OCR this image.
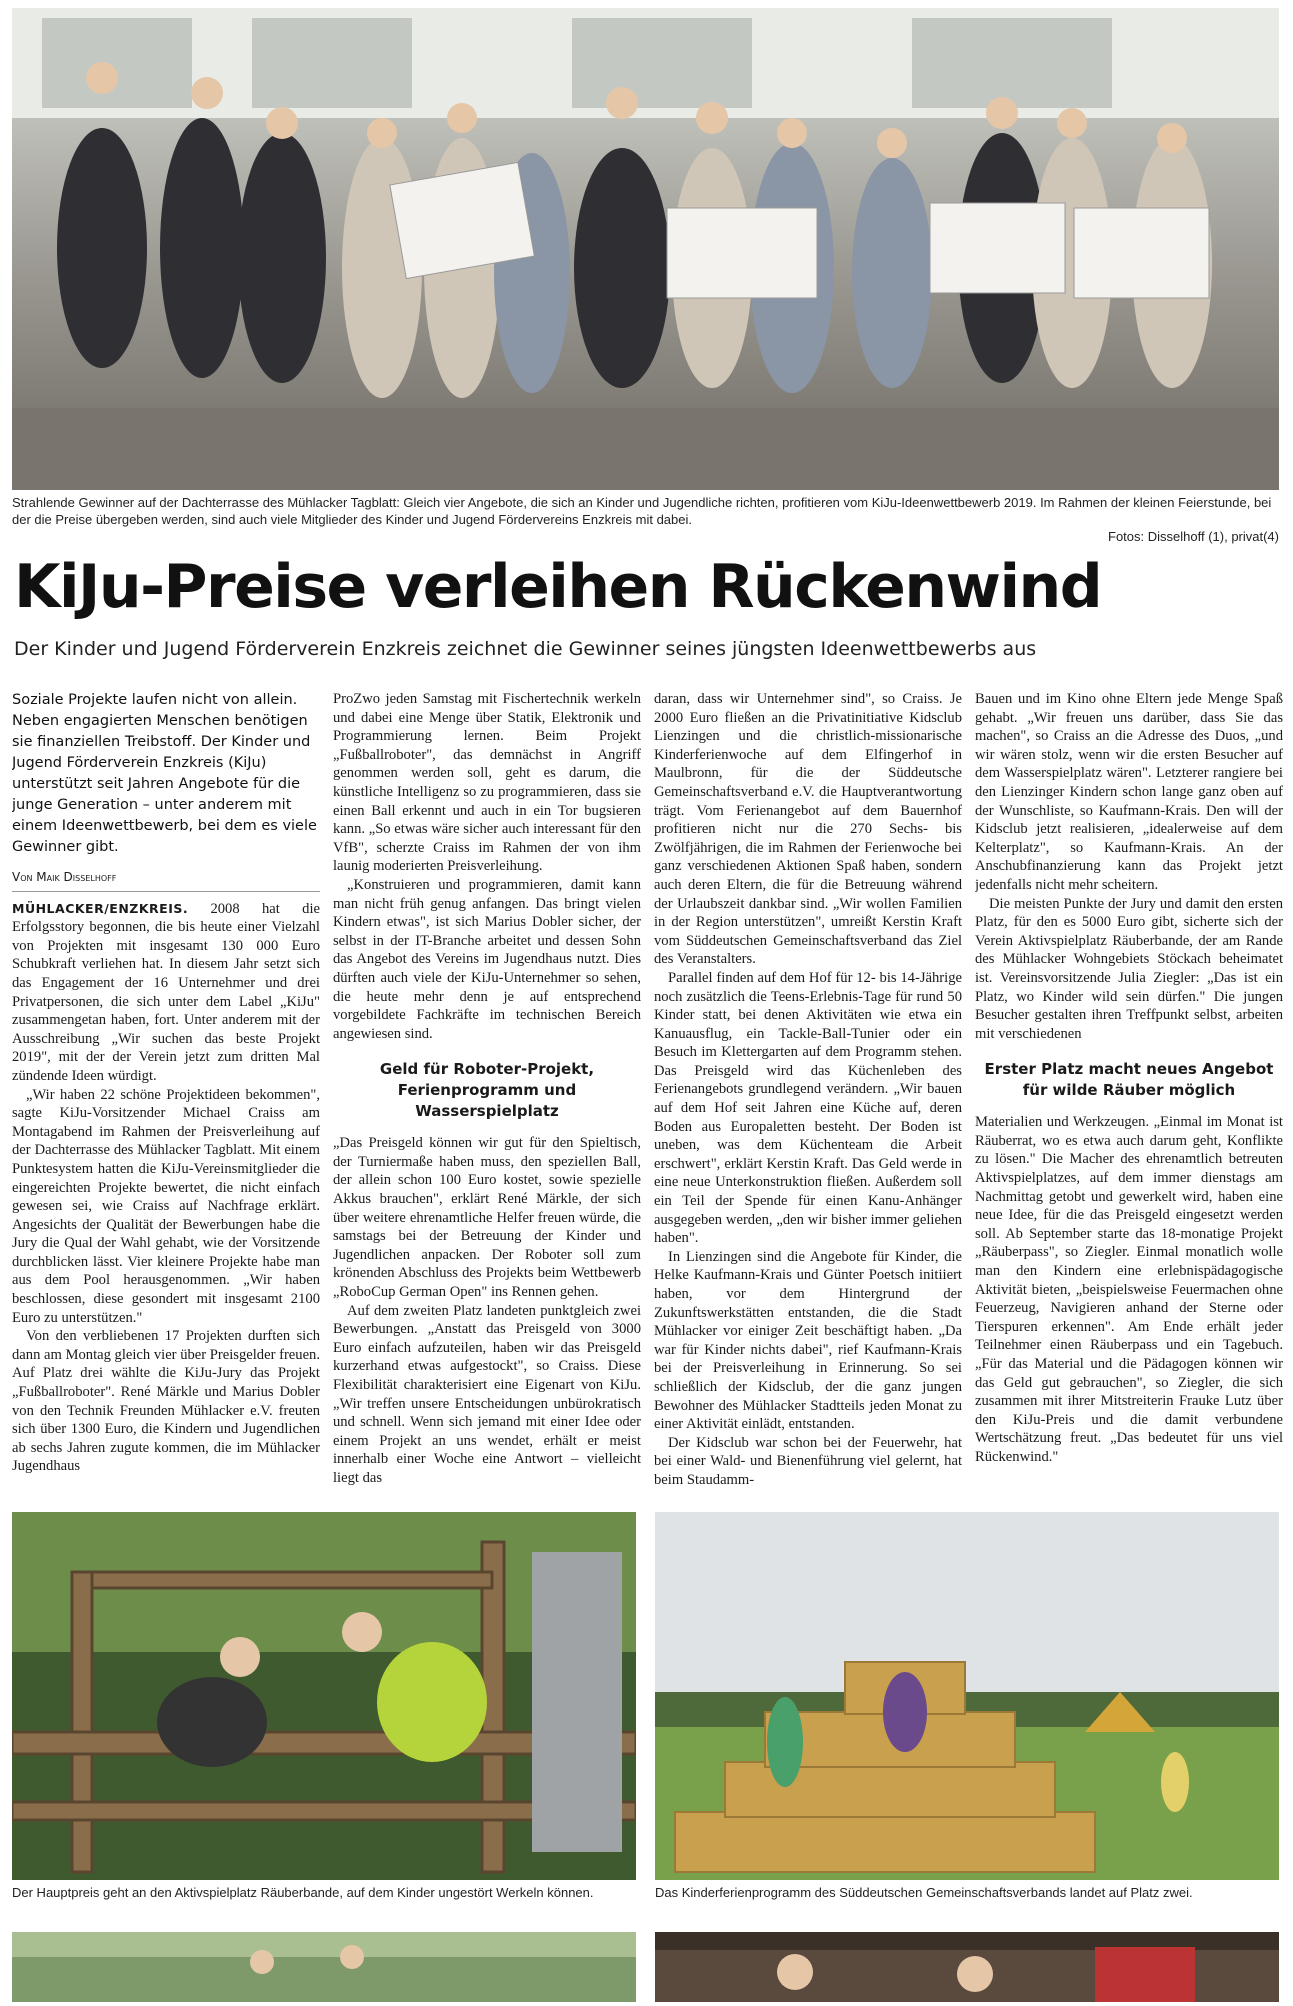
Strahlende Gewinner auf der Dachterrasse des Mühlacker Tagblatt: Gleich vier Angebote, die sich an Kinder und Jugendliche richten, profitieren vom KiJu-Ideenwettbewerb 2019. Im Rahmen der kleinen Feierstunde, bei der die Preise übergeben werden, sind auch viele Mitglieder des Kinder und Jugend Fördervereins Enzkreis mit dabei.
Fotos: Disselhoff (1), privat(4)
KiJu-Preise verleihen Rückenwind
Der Kinder und Jugend Förderverein Enzkreis zeichnet die Gewinner seines jüngsten Ideenwettbewerbs aus
Soziale Projekte laufen nicht von allein. Neben engagierten Menschen benötigen sie finanziellen Treibstoff. Der Kinder und Jugend Förderverein Enzkreis (KiJu) unterstützt seit Jahren Angebote für die junge Generation – unter anderem mit einem Ideenwettbewerb, bei dem es viele Gewinner gibt.
Von Maik Disselhoff

MÜHLACKER/ENZKREIS. 2008 hat die Erfolgsstory begonnen, die bis heute einer Vielzahl von Projekten mit insgesamt 130 000 Euro Schubkraft verliehen hat. In diesem Jahr setzt sich das Engagement der 16 Unternehmer und drei Privatpersonen, die sich unter dem Label „KiJu" zusammengetan haben, fort. Unter anderem mit der Ausschreibung „Wir suchen das beste Projekt 2019", mit der der Verein jetzt zum dritten Mal zündende Ideen würdigt.

„Wir haben 22 schöne Projektideen bekommen", sagte KiJu-Vorsitzender Michael Craiss am Montagabend im Rahmen der Preisverleihung auf der Dachterrasse des Mühlacker Tagblatt. Mit einem Punktesystem hatten die KiJu-Vereinsmitglieder die eingereichten Projekte bewertet, die nicht einfach gewesen sei, wie Craiss auf Nachfrage erklärt. Angesichts der Qualität der Bewerbungen habe die Jury die Qual der Wahl gehabt, wie der Vorsitzende durchblicken lässt. Vier kleinere Projekte habe man aus dem Pool herausgenommen. „Wir haben beschlossen, diese gesondert mit insgesamt 2100 Euro zu unterstützen."

Von den verbliebenen 17 Projekten durften sich dann am Montag gleich vier über Preisgelder freuen. Auf Platz drei wählte die KiJu-Jury das Projekt „Fußballroboter". René Märkle und Marius Dobler von den Technik Freunden Mühlacker e.V. freuten sich über 1300 Euro, die Kindern und Jugendlichen ab sechs Jahren zugute kommen, die im Mühlacker Jugendhaus

ProZwo jeden Samstag mit Fischertechnik werkeln und dabei eine Menge über Statik, Elektronik und Programmierung lernen. Beim Projekt „Fußballroboter", das demnächst in Angriff genommen werden soll, geht es darum, die künstliche Intelligenz so zu programmieren, dass sie einen Ball erkennt und auch in ein Tor bugsieren kann. „So etwas wäre sicher auch interessant für den VfB", scherzte Craiss im Rahmen der von ihm launig moderierten Preisverleihung.

„Konstruieren und programmieren, damit kann man nicht früh genug anfangen. Das bringt vielen Kindern etwas", ist sich Marius Dobler sicher, der selbst in der IT-Branche arbeitet und dessen Sohn das Angebot des Vereins im Jugendhaus nutzt. Dies dürften auch viele der KiJu-Unternehmer so sehen, die heute mehr denn je auf entsprechend vorgebildete Fachkräfte im technischen Bereich angewiesen sind.

Geld für Roboter-Projekt, Ferienprogramm und Wasserspielplatz

„Das Preisgeld können wir gut für den Spieltisch, der Turniermaße haben muss, den speziellen Ball, der allein schon 100 Euro kostet, sowie spezielle Akkus brauchen", erklärt René Märkle, der sich über weitere ehrenamtliche Helfer freuen würde, die samstags bei der Betreuung der Kinder und Jugendlichen anpacken. Der Roboter soll zum krönenden Abschluss des Projekts beim Wettbewerb „RoboCup German Open" ins Rennen gehen.

Auf dem zweiten Platz landeten punktgleich zwei Bewerbungen. „Anstatt das Preisgeld von 3000 Euro einfach aufzuteilen, haben wir das Preisgeld kurzerhand etwas aufgestockt", so Craiss. Diese Flexibilität charakterisiert eine Eigenart von KiJu. „Wir treffen unsere Entscheidungen unbürokratisch und schnell. Wenn sich jemand mit einer Idee oder einem Projekt an uns wendet, erhält er meist innerhalb einer Woche eine Antwort – vielleicht liegt das

daran, dass wir Unternehmer sind", so Craiss. Je 2000 Euro fließen an die Privatinitiative Kidsclub Lienzingen und die christlich-missionarische Kinderferienwoche auf dem Elfingerhof in Maulbronn, für die der Süddeutsche Gemeinschaftsverband e.V. die Hauptverantwortung trägt. Vom Ferienangebot auf dem Bauernhof profitieren nicht nur die 270 Sechs- bis Zwölfjährigen, die im Rahmen der Ferienwoche bei ganz verschiedenen Aktionen Spaß haben, sondern auch deren Eltern, die für die Betreuung während der Urlaubszeit dankbar sind. „Wir wollen Familien in der Region unterstützen", umreißt Kerstin Kraft vom Süddeutschen Gemeinschaftsverband das Ziel des Veranstalters.

Parallel finden auf dem Hof für 12- bis 14-Jährige noch zusätzlich die Teens-Erlebnis-Tage für rund 50 Kinder statt, bei denen Aktivitäten wie etwa ein Kanuausflug, ein Tackle-Ball-Tunier oder ein Besuch im Klettergarten auf dem Programm stehen. Das Preisgeld wird das Küchenleben des Ferienangebots grundlegend verändern. „Wir bauen auf dem Hof seit Jahren eine Küche auf, deren Boden aus Europaletten besteht. Der Boden ist uneben, was dem Küchenteam die Arbeit erschwert", erklärt Kerstin Kraft. Das Geld werde in eine neue Unterkonstruktion fließen. Außerdem soll ein Teil der Spende für einen Kanu-Anhänger ausgegeben werden, „den wir bisher immer geliehen haben".

In Lienzingen sind die Angebote für Kinder, die Helke Kaufmann-Krais und Günter Poetsch initiiert haben, vor dem Hintergrund der Zukunftswerkstätten entstanden, die die Stadt Mühlacker vor einiger Zeit beschäftigt haben. „Da war für Kinder nichts dabei", rief Kaufmann-Krais bei der Preisverleihung in Erinnerung. So sei schließlich der Kidsclub, der die ganz jungen Bewohner des Mühlacker Stadtteils jeden Monat zu einer Aktivität einlädt, entstanden.

Der Kidsclub war schon bei der Feuerwehr, hat bei einer Wald- und Bienenführung viel gelernt, hat beim Staudamm-

Bauen und im Kino ohne Eltern jede Menge Spaß gehabt. „Wir freuen uns darüber, dass Sie das machen", so Craiss an die Adresse des Duos, „und wir wären stolz, wenn wir die ersten Besucher auf dem Wasserspielplatz wären". Letzterer rangiere bei den Lienzinger Kindern schon lange ganz oben auf der Wunschliste, so Kaufmann-Krais. Den will der Kidsclub jetzt realisieren, „idealerweise auf dem Kelterplatz", so Kaufmann-Krais. An der Anschubfinanzierung kann das Projekt jetzt jedenfalls nicht mehr scheitern.

Die meisten Punkte der Jury und damit den ersten Platz, für den es 5000 Euro gibt, sicherte sich der Verein Aktivspielplatz Räuberbande, der am Rande des Mühlacker Wohngebiets Stöckach beheimatet ist. Vereinsvorsitzende Julia Ziegler: „Das ist ein Platz, wo Kinder wild sein dürfen." Die jungen Besucher gestalten ihren Treffpunkt selbst, arbeiten mit verschiedenen

Erster Platz macht neues Angebot für wilde Räuber möglich

Materialien und Werkzeugen. „Einmal im Monat ist Räuberrat, wo es etwa auch darum geht, Konflikte zu lösen." Die Macher des ehrenamtlich betreuten Aktivspielplatzes, auf dem immer dienstags am Nachmittag getobt und gewerkelt wird, haben eine neue Idee, für die das Preisgeld eingesetzt werden soll. Ab September starte das 18-monatige Projekt „Räuberpass", so Ziegler. Einmal monatlich wolle man den Kindern eine erlebnispädagogische Aktivität bieten, „beispielsweise Feuermachen ohne Feuerzeug, Navigieren anhand der Sterne oder Tierspuren erkennen". Am Ende erhält jeder Teilnehmer einen Räuberpass und ein Tagebuch. „Für das Material und die Pädagogen können wir das Geld gut gebrauchen", so Ziegler, die sich zusammen mit ihrer Mitstreiterin Frauke Lutz über den KiJu-Preis und die damit verbundene Wertschätzung freut. „Das bedeutet für uns viel Rückenwind."

Der Hauptpreis geht an den Aktivspielplatz Räuberbande, auf dem Kinder ungestört Werkeln können.	Das Kinderferienprogramm des Süddeutschen Gemeinschaftsverbands landet auf Platz zwei.
